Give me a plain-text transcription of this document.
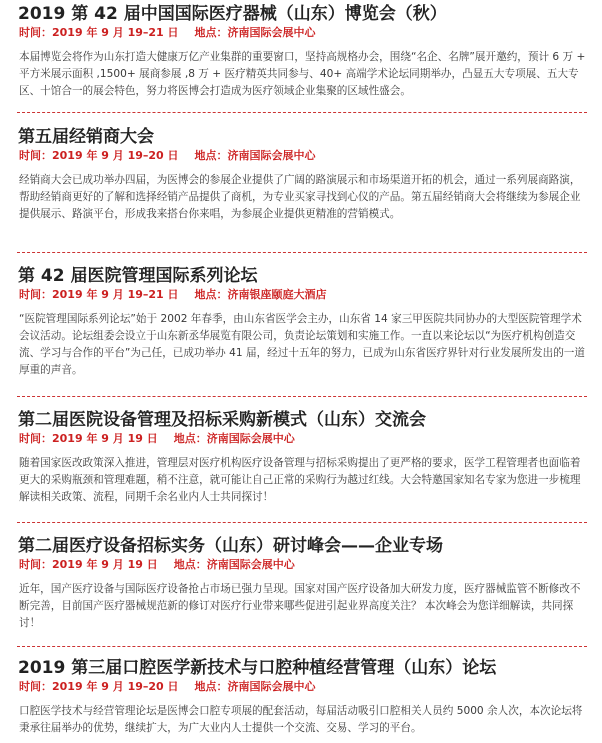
2019 第 42 届中国国际医疗器械（山东）博览会（秋）
时间：2019 年 9 月 19–21 日 地点：济南国际会展中心

本届博览会将作为山东打造大健康万亿产业集群的重要窗口，坚持高规格办会，围绕“名企、名牌”展开邀约，预计 6 万 + 平方米展示面积 ,1500+ 展商参展 ,8 万 + 医疗精英共同参与、40+ 高端学术论坛同期举办，凸显五大专项展、五大专区、十馆合一的展会特色，努力将医博会打造成为医疗领域企业集聚的区域性盛会。

第五届经销商大会
时间：2019 年 9 月 19–20 日 地点：济南国际会展中心

经销商大会已成功举办四届，为医博会的参展企业提供了广阔的路演展示和市场渠道开拓的机会，通过一系列展商路演，帮助经销商更好的了解和选择经销产品提供了商机，为专业买家寻找到心仪的产品。第五届经销商大会将继续为参展企业提供展示、路演平台，形成我来搭台你来唱，为参展企业提供更精准的营销模式。

第 42 届医院管理国际系列论坛
时间：2019 年 9 月 19–21 日 地点：济南银座颐庭大酒店

“医院管理国际系列论坛”始于 2002 年春季，由山东省医学会主办，山东省 14 家三甲医院共同协办的大型医院管理学术会议活动。论坛组委会设立于山东新丞华展览有限公司，负责论坛策划和实施工作。一直以来论坛以“为医疗机构创造交流、学习与合作的平台”为己任，已成功举办 41 届，经过十五年的努力，已成为山东省医疗界针对行业发展所发出的一道厚重的声音。

第二届医院设备管理及招标采购新模式（山东）交流会
时间：2019 年 9 月 19 日 地点：济南国际会展中心

随着国家医改政策深入推进，管理层对医疗机构医疗设备管理与招标采购提出了更严格的要求，医学工程管理者也面临着更大的采购瓶颈和管理难题，稍不注意，就可能让自己正常的采购行为越过红线。大会特邀国家知名专家为您进一步梳理解读相关政策、流程，同期千余名业内人士共同探讨！

第二届医疗设备招标实务（山东）研讨峰会——企业专场
时间：2019 年 9 月 19 日 地点：济南国际会展中心

近年，国产医疗设备与国际医疗设备抢占市场已强力呈现。国家对国产医疗设备加大研发力度，医疗器械监管不断修改不断完善，目前国产医疗器械规范新的修订对医疗行业带来哪些促进引起业界高度关注？ 本次峰会为您详细解读，共同探讨！

2019 第三届口腔医学新技术与口腔种植经营管理（山东）论坛
时间：2019 年 9 月 19–20 日 地点：济南国际会展中心

口腔医学技术与经营管理论坛是医博会口腔专项展的配套活动，每届活动吸引口腔相关人员约 5000 余人次，本次论坛将秉承往届举办的优势，继续扩大，为广大业内人士提供一个交流、交易、学习的平台。
